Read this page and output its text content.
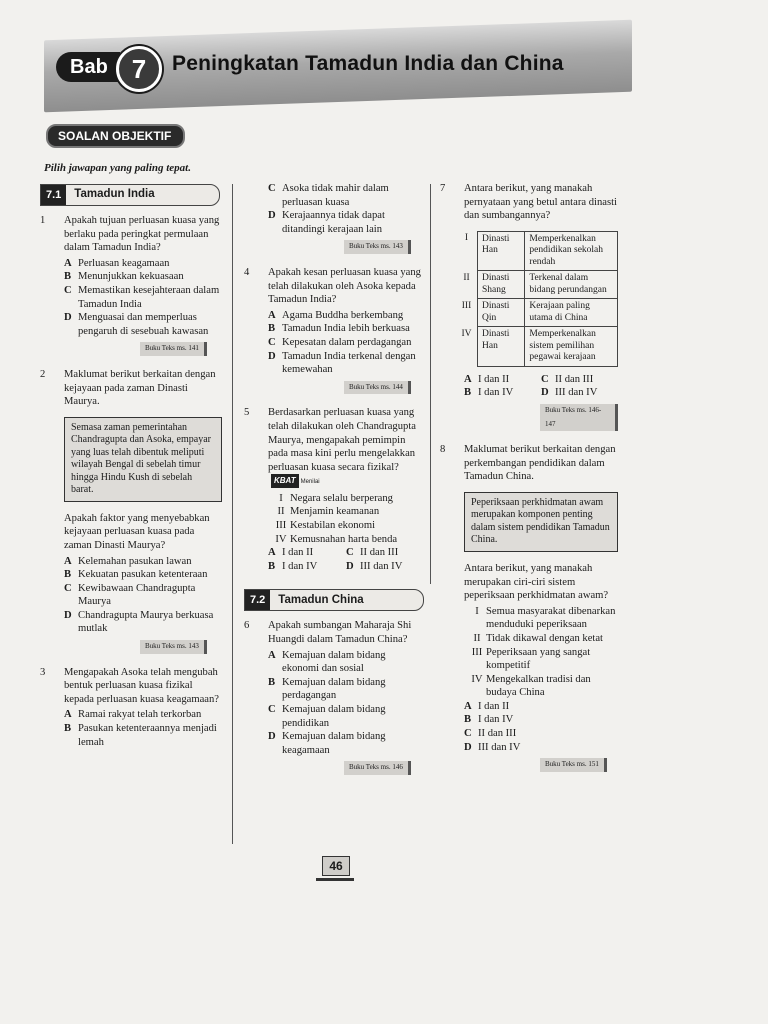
Bab 7	Peningkatan Tamadun India dan China
SOALAN OBJEKTIF
Pilih jawapan yang paling tepat.
7.1	Tamadun India
1	Apakah tujuan perluasan kuasa yang berlaku pada peringkat permulaan dalam Tamadun India?
A Perluasan keagamaan
B Menunjukkan kekuasaan
C Memastikan kesejahteraan dalam Tamadun India
D Menguasai dan memperluas pengaruh di sesebuah kawasan
Buku Teks ms. 141
2	Maklumat berikut berkaitan dengan kejayaan pada zaman Dinasti Maurya.
Semasa zaman pemerintahan Chandragupta dan Asoka, empayar yang luas telah dibentuk meliputi wilayah Bengal di sebelah timur hingga Hindu Kush di sebelah barat.
Apakah faktor yang menyebabkan kejayaan perluasan kuasa pada zaman Dinasti Maurya?
A Kelemahan pasukan lawan
B Kekuatan pasukan ketenteraan
C Kewibawaan Chandragupta Maurya
D Chandragupta Maurya berkuasa mutlak
Buku Teks ms. 143
3	Mengapakah Asoka telah mengubah bentuk perluasan kuasa fizikal kepada perluasan kuasa keagamaan?
A Ramai rakyat telah terkorban
B Pasukan ketenteraannya menjadi lemah
C Asoka tidak mahir dalam perluasan kuasa
D Kerajaannya tidak dapat ditandingi kerajaan lain
Buku Teks ms. 143
4	Apakah kesan perluasan kuasa yang telah dilakukan oleh Asoka kepada Tamadun India?
A Agama Buddha berkembang
B Tamadun India lebih berkuasa
C Kepesatan dalam perdagangan
D Tamadun India terkenal dengan kemewahan
Buku Teks ms. 144
5	Berdasarkan perluasan kuasa yang telah dilakukan oleh Chandragupta Maurya, mengapakah pemimpin pada masa kini perlu mengelakkan perluasan kuasa secara fizikal?KBAT Menilai
I Negara selalu berperang
II Menjamin keamanan
III Kestabilan ekonomi
IV Kemusnahan harta benda
A I dan II	C II dan III
B I dan IV	D III dan IV
7.2	Tamadun China
6	Apakah sumbangan Maharaja Shi Huangdi dalam Tamadun China?
A Kemajuan dalam bidang ekonomi dan sosial
B Kemajuan dalam bidang perdagangan
C Kemajuan dalam bidang pendidikan
D Kemajuan dalam bidang keagamaan
Buku Teks ms. 146
7	Antara berikut, yang manakah pernyataan yang betul antara dinasti dan sumbangannya?
I	Dinasti Han	Memperkenalkan pendidikan sekolah rendah
II	Dinasti Shang	Terkenal dalam bidang perundangan
III	Dinasti Qin	Kerajaan paling utama di China
IV	Dinasti Han	Memperkenalkan sistem pemilihan pegawai kerajaan
A I dan II	C II dan III
B I dan IV	D III dan IV
Buku Teks ms. 146-147
8	Maklumat berikut berkaitan dengan perkembangan pendidikan dalam Tamadun China.
Peperiksaan perkhidmatan awam merupakan komponen penting dalam sistem pendidikan Tamadun China.
Antara berikut, yang manakah merupakan ciri-ciri sistem peperiksaan perkhidmatan awam?
I Semua masyarakat dibenarkan menduduki peperiksaan
II Tidak dikawal dengan ketat
III Peperiksaan yang sangat kompetitif
IV Mengekalkan tradisi dan budaya China
A I dan II
B I dan IV
C II dan III
D III dan IV
Buku Teks ms. 151
46
